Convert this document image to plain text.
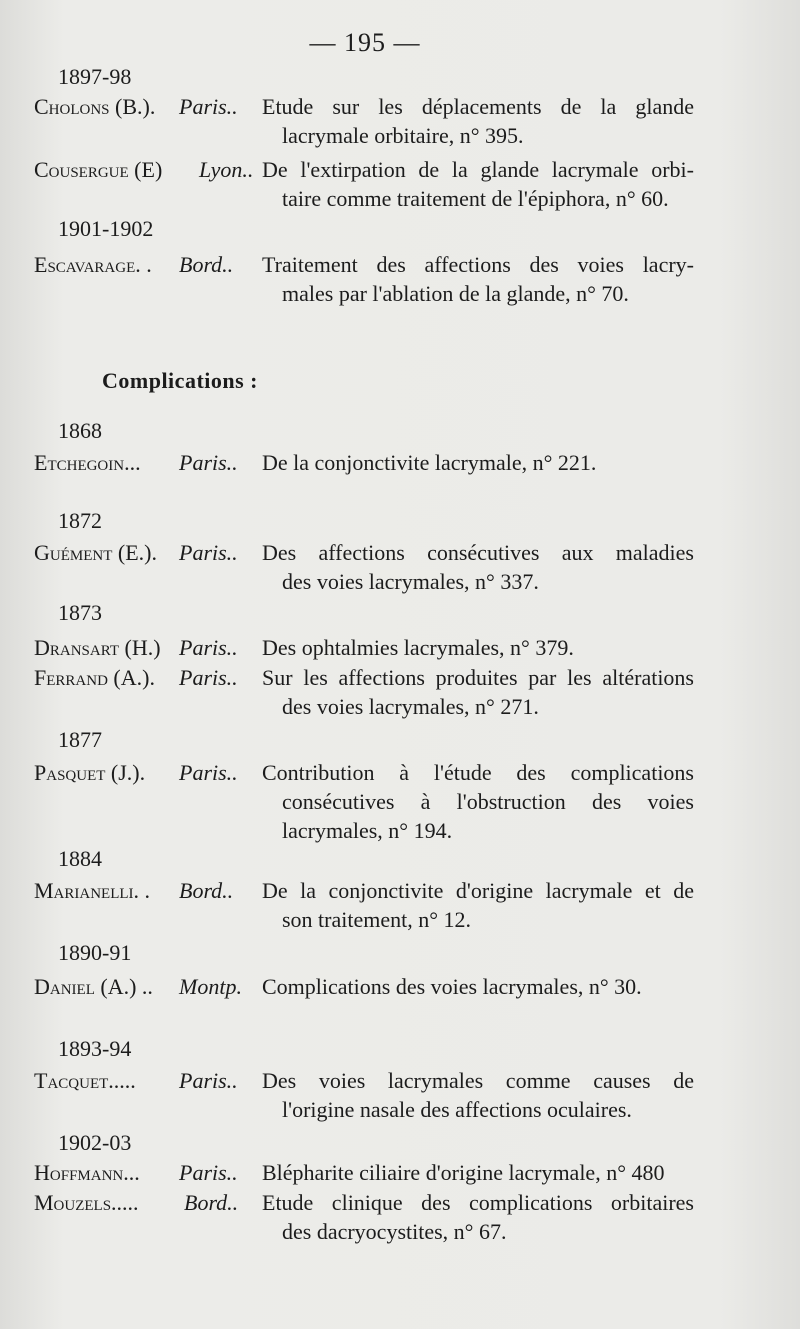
— 195 —
1897-98
Cholons (B.). Paris.. Etude sur les déplacements de la glande
lacrymale orbitaire, n° 395.
Cousergue (E) Lyon.. De l'extirpation de la glande lacrymale orbi-
taire comme traitement de l'épiphora, n° 60.
1901-1902
Escavarage. . Bord.. Traitement des affections des voies lacry-
males par l'ablation de la glande, n° 70.
Complications :
1868
Etchegoin... Paris.. De la conjonctivite lacrymale, n° 221.
1872
Guément (E.). Paris.. Des affections consécutives aux maladies
des voies lacrymales, n° 337.
1873
Dransart (H.) Paris.. Des ophtalmies lacrymales, n° 379.
Ferrand (A.). Paris.. Sur les affections produites par les altérations
des voies lacrymales, n° 271.
1877
Pasquet (J.). Paris.. Contribution à l'étude des complications
consécutives à l'obstruction des voies
lacrymales, n° 194.
1884
Marianelli. . Bord.. De la conjonctivite d'origine lacrymale et de
son traitement, n° 12.
1890-91
Daniel (A.) .. Montp. Complications des voies lacrymales, n° 30.
1893-94
Tacquet..... Paris.. Des voies lacrymales comme causes de
l'origine nasale des affections oculaires.
1902-03
Hoffmann... Paris.. Blépharite ciliaire d'origine lacrymale, n° 480
Mouzels..... Bord.. Etude clinique des complications orbitaires
des dacryocystites, n° 67.
